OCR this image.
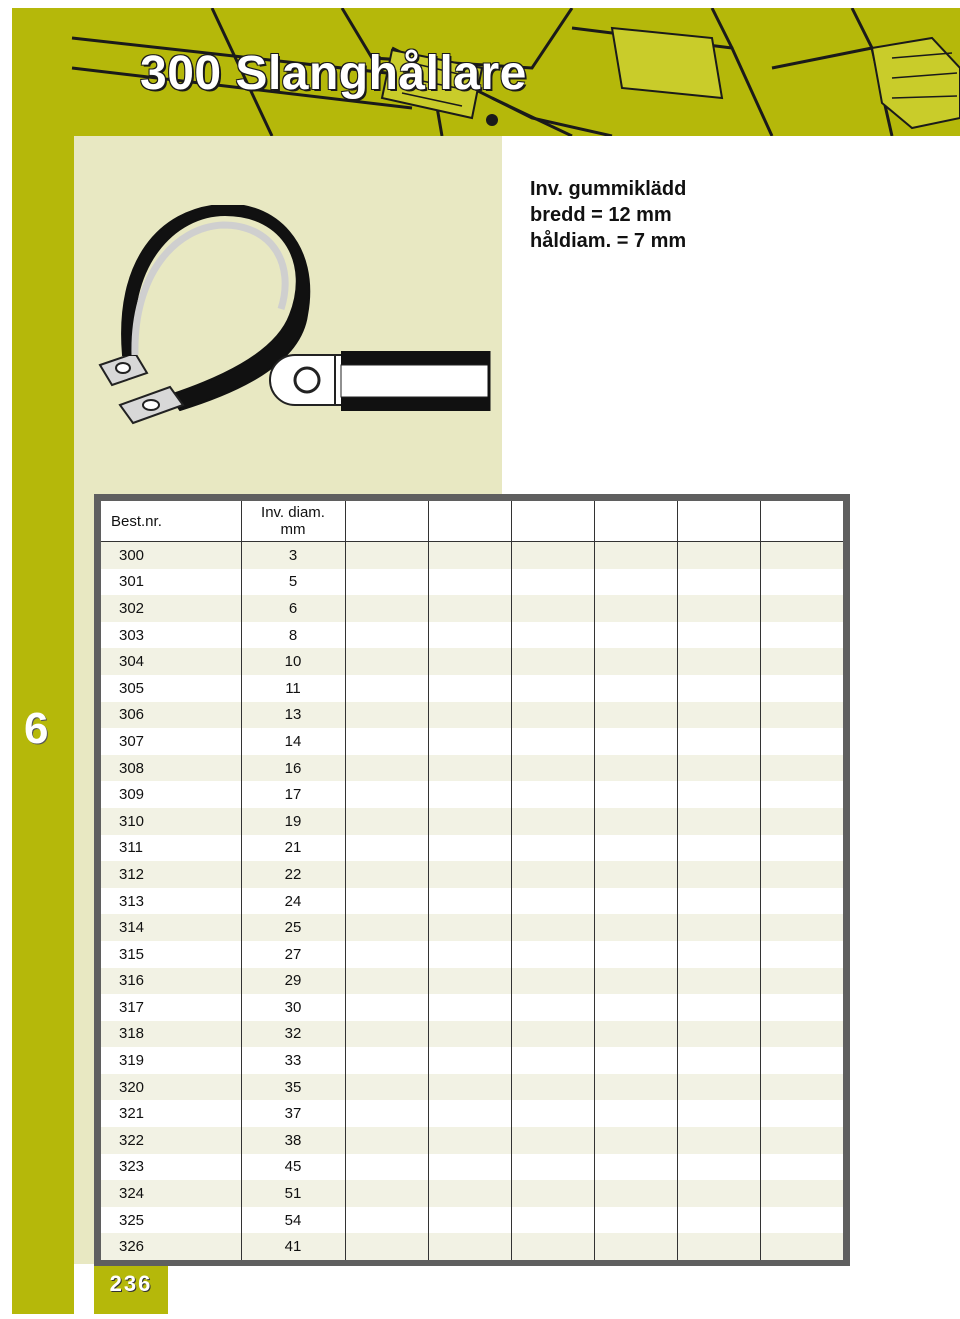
300 Slanghållare
6
Inv. gummiklädd
bredd = 12 mm
håldiam. = 7 mm
Best.nr.	Inv. diam.
mm						

300	3						
301	5						
302	6						
303	8						
304	10						
305	11						
306	13						
307	14						
308	16						
309	17						
310	19						
311	21						
312	22						
313	24						
314	25						
315	27						
316	29						
317	30						
318	32						
319	33						
320	35						
321	37						
322	38						
323	45						
324	51						
325	54						
326	41						
236
